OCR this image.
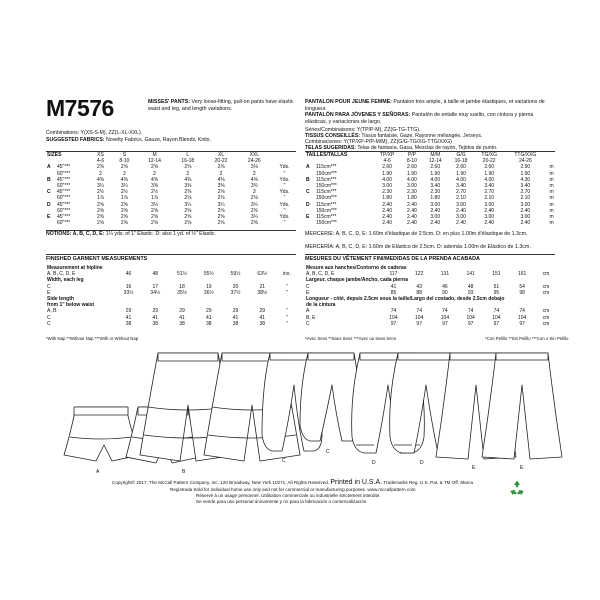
M7576	MISSES' PANTS: Very loose-fitting, pull-on pants have elastic waist and leg, and length variations.
PANTALON POUR JEUNE FEMME: Pantalon très ample, à taille et jambe élastiques, et variations de longueur.
PANTALÓN PARA JÓVENES Y SEÑORAS: Pantalón de entalle muy suelto, con cintura y pierna elásticas, y variaciones de largo.
Combinations: Y(XS-S-M), ZZ(L-XL-XXL).
SUGGESTED FABRICS: Novelty Fabrics, Gauze, Rayon Blends, Knits.
Séries/Combinaisons: Y(TP/P-M), ZZ(G-TG-TTG).
TISSUS CONSEILLÉS: Tissus fantaisie, Gaze, Rayonne mélangée, Jerseys.
Combinaciones: Y(TP/XP-P/P-M/M), ZZ(G/G-TG/XG-TTG/XXG)
TELAS SUGERIDAS: Telas de fantasía, Gasa, Mezclas de rayón, Tejidos de punto.
SIZES		XS	S	M	L	XL	XXL	
		4-6	8-10	12-14	16-18	20-22	24-26	
A	45"***	2⅝	2⅝	2⅝	2⅝	2⅝	3⅛	Yds.
	60"***	2	2	2	2	2	2	"
B	45"***	4⅜	4⅜	4⅜	4⅜	4⅜	4⅜	Yds.
	60"***	3¼	3¼	3⅜	3⅜	3⅜	3¾	"
C	45"***	2½	2½	2½	2⅝	2⅝	3	Yds.
	60"***	1⅞	1⅞	1⅞	2⅛	2⅛	2⅛	"
D	45"***	2⅝	2⅝	3¼	3¼	3¼	3¼	Yds.
	60"***	2⅝	2⅝	2⅝	2⅝	2⅝	2⅝	"
E	45"***	2⅝	2⅝	2⅝	2⅝	2⅝	3¼	Yds.
	60"***	2⅝	2⅝	2⅝	2⅝	2⅝	2⅝	"
TAILLES/TALLAS		TP/XP	P/P	M/M	G/G	TG/XG	TTG/XXG	
		4-6	8-10	12-14	16-18	20-22	24-26	
A	115cm***	2.60	2.60	2.60	2.60	2.60	2.90	m
	150cm***	1.90	1.90	1.90	1.90	1.90	1.90	m
B	115cm***	4.00	4.00	4.00	4.00	4.00	4.30	m
	150cm***	3.00	3.00	3.40	3.40	3.40	3.40	m
C	115cm***	2.30	2.30	2.30	2.70	2.70	2.70	m
	150cm***	1.80	1.80	1.80	2.10	2.10	2.10	m
D	115cm***	2.40	2.40	3.00	3.00	3.00	3.00	m
	150cm***	2.40	2.40	2.40	2.40	2.40	2.40	m
E	115cm***	2.40	2.40	3.00	3.00	3.00	3.00	m
	150cm***	2.40	2.40	2.40	2.40	2.40	2.40	m
NOTIONS: A, B, C, D, E: 1¼ yds. of 1" Elastic. D: also 1 yd. of ½" Elastic.	MERCERIE: A, B, C, D, E: 1.60m d'élastique de 2.5cm. D: en plus 1.00m d'élastique de 1.3cm.
MERCERÍA: A, B, C, D, E: 1.60m de Elástico de 2.5cm. D: además 1.00m de Elástico de 1.3cm.
FINISHED GARMENT MEASUREMENTS
Measurement at hipline							
A, B, C, D, E	46	48	51½	55½	59½	63½	ins.
Width, each leg							
C	16	17	18	19	20	21	"
E	33½	34½	35½	36½	37½	38½	"
Side length							
from 1" below waist							
A, B	29	29	29	29	29	29	"
C	41	41	41	41	41	41	"
C	38	38	38	38	38	38	"
MESURES DU VÊTEMENT FINI/MEDIDAS DE LA PRENDA ACABADA
Mesure aux hanches/Contorno de caderas							
A, B, C, D, E	117	122	131	141	151	161	cm
Largeur, chaque jambe/Ancho, cada pierna							
C	41	43	46	48	51	54	cm
E	85	88	90	93	95	98	cm
Longueur - côté, depuis 2.5cm sous la taille/Largo del costado, desde 2.5cm debajo							
de la cintura							
A	74	74	74	74	74	74	cm
B, E	104	104	104	104	104	104	cm
C	97	97	97	97	97	97	cm
*With Nap **Without Nap ***With or Without Nap	*Avec Sens **Sans Sens ***Avec ou Sans Sens	*Con Pelillo **Sin Pelillo ***Con o Sin Pelillo
A	B
C
C
D	D
E	E
Copyright© 2017, The McCall Pattern Company, Inc. 120 Broadway, New York 10271. All Rights Reserved. Printed in U.S.A. Trademarks Reg. U.S. Pat. & TM Off. Marca
Registrada Sold for individual home use only and not for commercial or manufacturing purposes. www.mccallpattern.com
Réservé à un usage personnel. Utilisation commerciale ou industrielle strictement interdite.
Se vende para uso personal únicamente y no para la fabricación o comercialización.
